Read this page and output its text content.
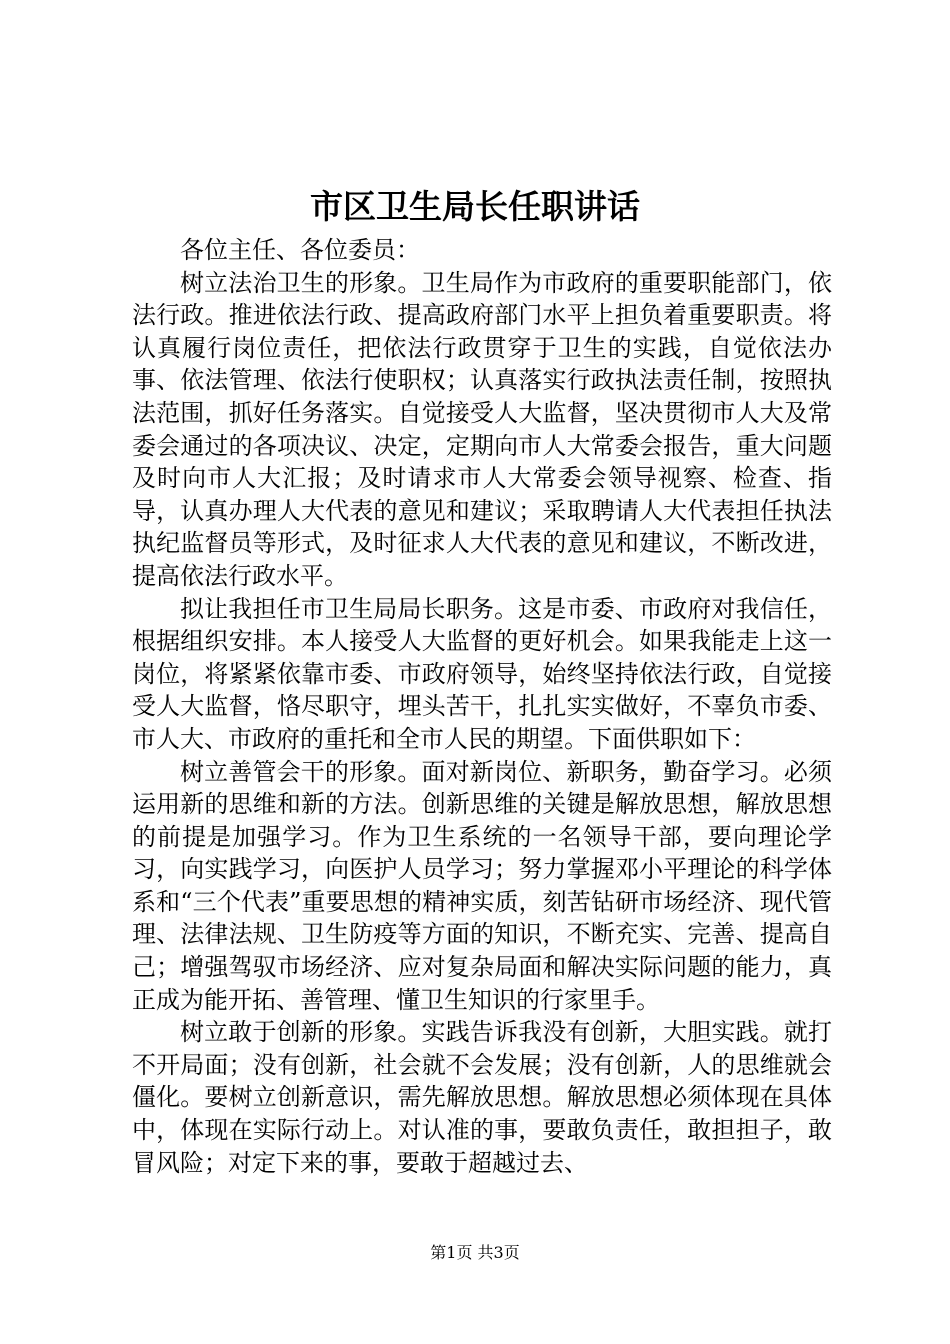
市区卫生局长任职讲话

各位主任、各位委员：

树立法治卫生的形象。卫生局作为市政府的重要职能部门，依法行政。推进依法行政、提高政府部门水平上担负着重要职责。将认真履行岗位责任，把依法行政贯穿于卫生的实践，自觉依法办事、依法管理、依法行使职权；认真落实行政执法责任制，按照执法范围，抓好任务落实。自觉接受人大监督，坚决贯彻市人大及常委会通过的各项决议、决定，定期向市人大常委会报告，重大问题及时向市人大汇报；及时请求市人大常委会领导视察、检查、指导，认真办理人大代表的意见和建议；采取聘请人大代表担任执法执纪监督员等形式，及时征求人大代表的意见和建议，不断改进，提高依法行政水平。

拟让我担任市卫生局局长职务。这是市委、市政府对我信任，根据组织安排。本人接受人大监督的更好机会。如果我能走上这一岗位，将紧紧依靠市委、市政府领导，始终坚持依法行政，自觉接受人大监督，恪尽职守，埋头苦干，扎扎实实做好，不辜负市委、市人大、市政府的重托和全市人民的期望。下面供职如下：

树立善管会干的形象。面对新岗位、新职务，勤奋学习。必须运用新的思维和新的方法。创新思维的关键是解放思想，解放思想的前提是加强学习。作为卫生系统的一名领导干部，要向理论学习，向实践学习，向医护人员学习；努力掌握邓小平理论的科学体系和“三个代表”重要思想的精神实质，刻苦钻研市场经济、现代管理、法律法规、卫生防疫等方面的知识，不断充实、完善、提高自己；增强驾驭市场经济、应对复杂局面和解决实际问题的能力，真正成为能开拓、善管理、懂卫生知识的行家里手。

树立敢于创新的形象。实践告诉我没有创新，大胆实践。就打不开局面；没有创新，社会就不会发展；没有创新，人的思维就会僵化。要树立创新意识，需先解放思想。解放思想必须体现在具体中，体现在实际行动上。对认准的事，要敢负责任，敢担担子，敢冒风险；对定下来的事，要敢于超越过去、

第1页 共3页
